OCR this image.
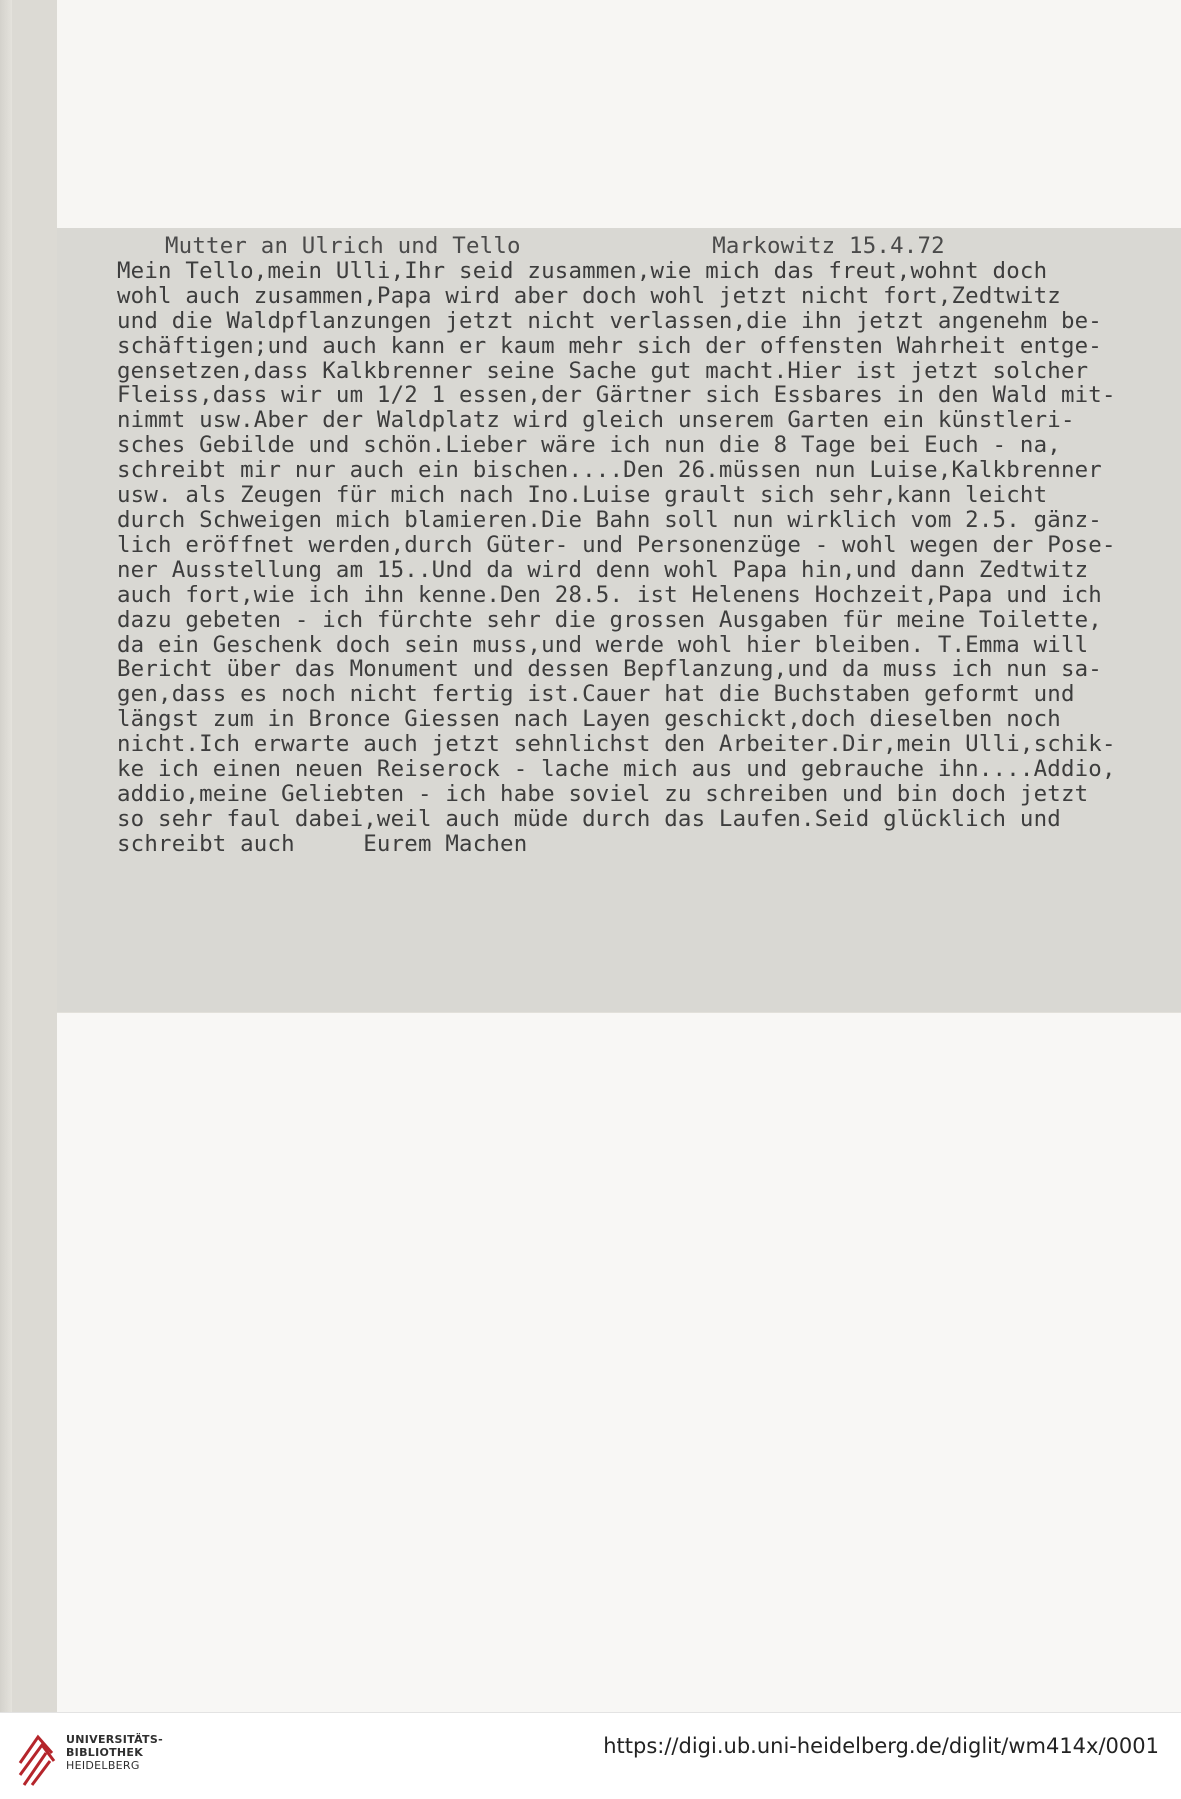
Mutter an Ulrich und Tello	Markowitz 15.4.72
Mein Tello,mein Ulli,Ihr seid zusammen,wie mich das freut,wohnt doch
wohl auch zusammen,Papa wird aber doch wohl jetzt nicht fort,Zedtwitz
und die Waldpflanzungen jetzt nicht verlassen,die ihn jetzt angenehm be-
schäftigen;und auch kann er kaum mehr sich der offensten Wahrheit entge-
gensetzen,dass Kalkbrenner seine Sache gut macht.Hier ist jetzt solcher
Fleiss,dass wir um 1/2 1 essen,der Gärtner sich Essbares in den Wald mit-
nimmt usw.Aber der Waldplatz wird gleich unserem Garten ein künstleri-
sches Gebilde und schön.Lieber wäre ich nun die 8 Tage bei Euch - na,
schreibt mir nur auch ein bischen....Den 26.müssen nun Luise,Kalkbrenner
usw. als Zeugen für mich nach Ino.Luise grault sich sehr,kann leicht
durch Schweigen mich blamieren.Die Bahn soll nun wirklich vom 2.5. gänz-
lich eröffnet werden,durch Güter- und Personenzüge - wohl wegen der Pose-
ner Ausstellung am 15..Und da wird denn wohl Papa hin,und dann Zedtwitz
auch fort,wie ich ihn kenne.Den 28.5. ist Helenens Hochzeit,Papa und ich
dazu gebeten - ich fürchte sehr die grossen Ausgaben für meine Toilette,
da ein Geschenk doch sein muss,und werde wohl hier bleiben. T.Emma will
Bericht über das Monument und dessen Bepflanzung,und da muss ich nun sa-
gen,dass es noch nicht fertig ist.Cauer hat die Buchstaben geformt und
längst zum in Bronce Giessen nach Layen geschickt,doch dieselben noch
nicht.Ich erwarte auch jetzt sehnlichst den Arbeiter.Dir,mein Ulli,schik-
ke ich einen neuen Reiserock - lache mich aus und gebrauche ihn....Addio,
addio,meine Geliebten - ich habe soviel zu schreiben und bin doch jetzt
so sehr faul dabei,weil auch müde durch das Laufen.Seid glücklich und
schreibt auch     Eurem Machen
UNIVERSITÄTS-
BIBLIOTHEK
HEIDELBERG
https://digi.ub.uni-heidelberg.de/diglit/wm414x/0001
